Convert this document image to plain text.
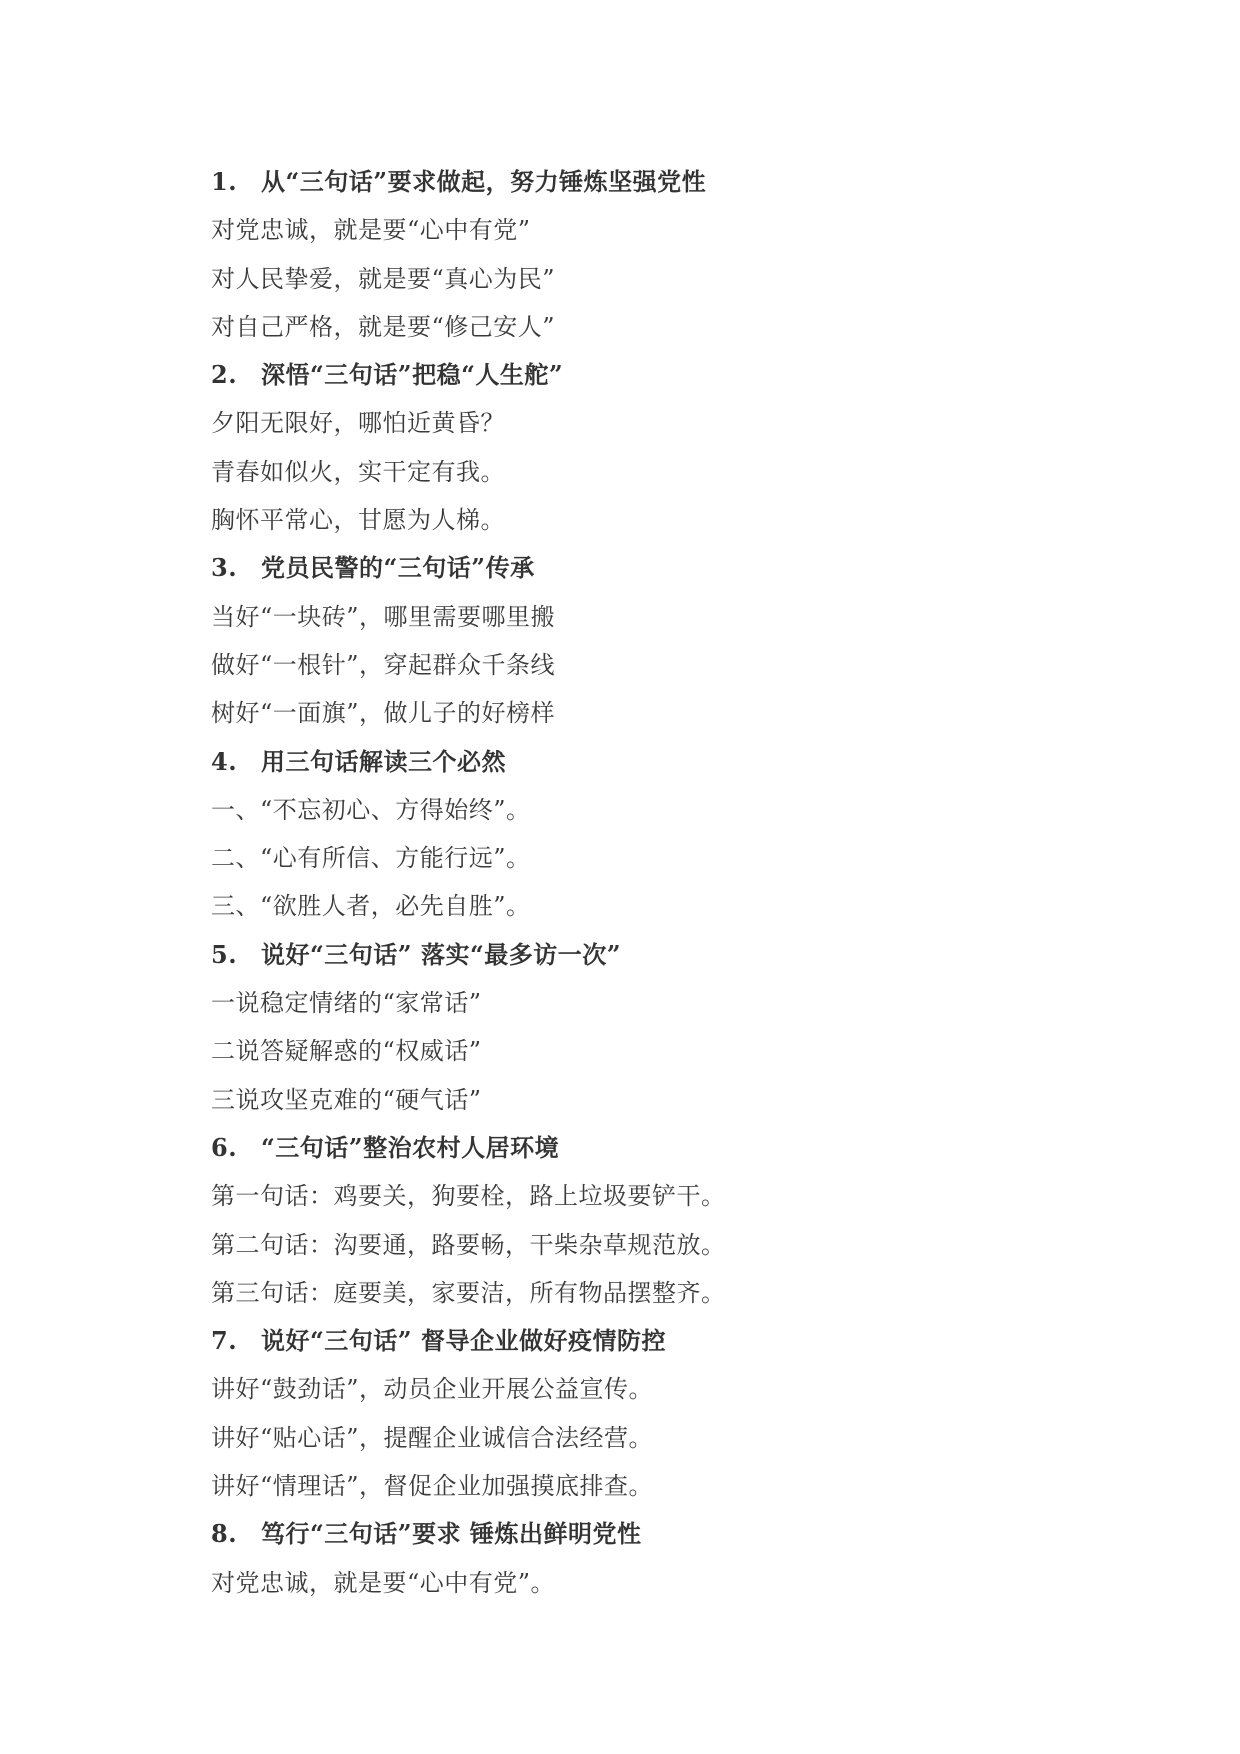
1. 从“三句话”要求做起，努力锤炼坚强党性
对党忠诚，就是要“心中有党”
对人民挚爱，就是要“真心为民”
对自己严格，就是要“修己安人”
2. 深悟“三句话”把稳“人生舵”
夕阳无限好，哪怕近黄昏？
青春如似火，实干定有我。
胸怀平常心，甘愿为人梯。
3. 党员民警的“三句话”传承
当好“一块砖”，哪里需要哪里搬
做好“一根针”，穿起群众千条线
树好“一面旗”，做儿子的好榜样
4. 用三句话解读三个必然
一、“不忘初心、方得始终”。
二、“心有所信、方能行远”。
三、“欲胜人者，必先自胜”。
5. 说好“三句话” 落实“最多访一次”
一说稳定情绪的“家常话”
二说答疑解惑的“权威话”
三说攻坚克难的“硬气话”
6. “三句话”整治农村人居环境
第一句话：鸡要关，狗要栓，路上垃圾要铲干。
第二句话：沟要通，路要畅，干柴杂草规范放。
第三句话：庭要美，家要洁，所有物品摆整齐。
7. 说好“三句话” 督导企业做好疫情防控
讲好“鼓劲话”，动员企业开展公益宣传。
讲好“贴心话”，提醒企业诚信合法经营。
讲好“情理话”，督促企业加强摸底排查。
8. 笃行“三句话”要求 锤炼出鲜明党性
对党忠诚，就是要“心中有党”。
